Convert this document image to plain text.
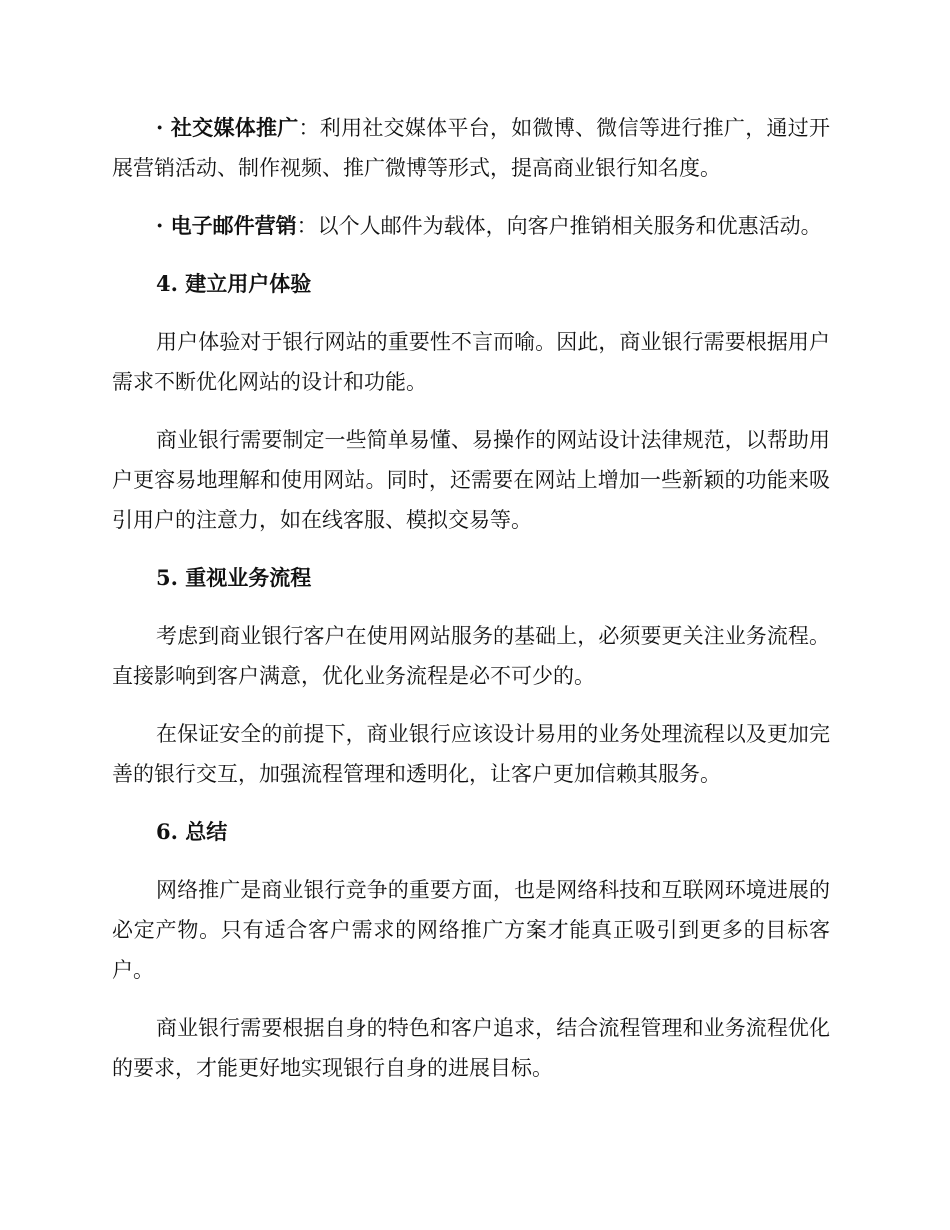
· 社交媒体推广：利用社交媒体平台，如微博、微信等进行推广，通过开展营销活动、制作视频、推广微博等形式，提高商业银行知名度。

· 电子邮件营销：以个人邮件为载体，向客户推销相关服务和优惠活动。

4. 建立用户体验

用户体验对于银行网站的重要性不言而喻。因此，商业银行需要根据用户需求不断优化网站的设计和功能。

商业银行需要制定一些简单易懂、易操作的网站设计法律规范，以帮助用户更容易地理解和使用网站。同时，还需要在网站上增加一些新颖的功能来吸引用户的注意力，如在线客服、模拟交易等。

5. 重视业务流程

考虑到商业银行客户在使用网站服务的基础上，必须要更关注业务流程。直接影响到客户满意，优化业务流程是必不可少的。

在保证安全的前提下，商业银行应该设计易用的业务处理流程以及更加完善的银行交互，加强流程管理和透明化，让客户更加信赖其服务。

6. 总结

网络推广是商业银行竞争的重要方面，也是网络科技和互联网环境进展的必定产物。只有适合客户需求的网络推广方案才能真正吸引到更多的目标客户。

商业银行需要根据自身的特色和客户追求，结合流程管理和业务流程优化的要求，才能更好地实现银行自身的进展目标。
